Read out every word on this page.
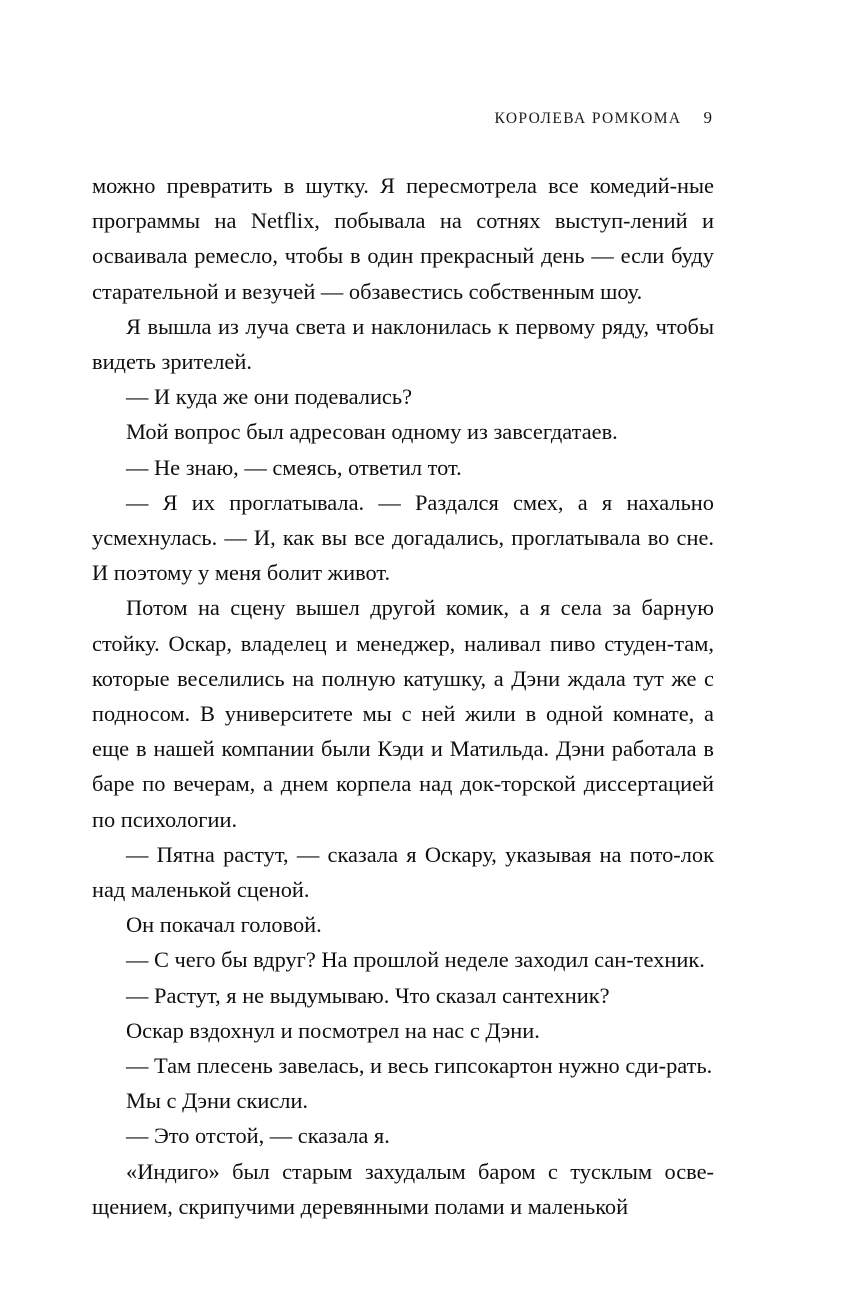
КОРОЛЕВА РОМКОМА 9

можно превратить в шутку. Я пересмотрела все комедий-ные программы на Netflix, побывала на сотнях выступ-лений и осваивала ремесло, чтобы в один прекрасный день — если буду старательной и везучей — обзавестись собственным шоу.

Я вышла из луча света и наклонилась к первому ряду, чтобы видеть зрителей.

— И куда же они подевались?

Мой вопрос был адресован одному из завсегдатаев.

— Не знаю, — смеясь, ответил тот.

— Я их проглатывала. — Раздался смех, а я нахально усмехнулась. — И, как вы все догадались, проглатывала во сне. И поэтому у меня болит живот.

Потом на сцену вышел другой комик, а я села за барную стойку. Оскар, владелец и менеджер, наливал пиво студен-там, которые веселились на полную катушку, а Дэни ждала тут же с подносом. В университете мы с ней жили в одной комнате, а еще в нашей компании были Кэди и Матильда. Дэни работала в баре по вечерам, а днем корпела над док-торской диссертацией по психологии.

— Пятна растут, — сказала я Оскару, указывая на пото-лок над маленькой сценой.

Он покачал головой.

— С чего бы вдруг? На прошлой неделе заходил сан-техник.

— Растут, я не выдумываю. Что сказал сантехник?

Оскар вздохнул и посмотрел на нас с Дэни.

— Там плесень завелась, и весь гипсокартон нужно сди-рать.

Мы с Дэни скисли.

— Это отстой, — сказала я.

«Индиго» был старым захудалым баром с тусклым осве-щением, скрипучими деревянными полами и маленькой
